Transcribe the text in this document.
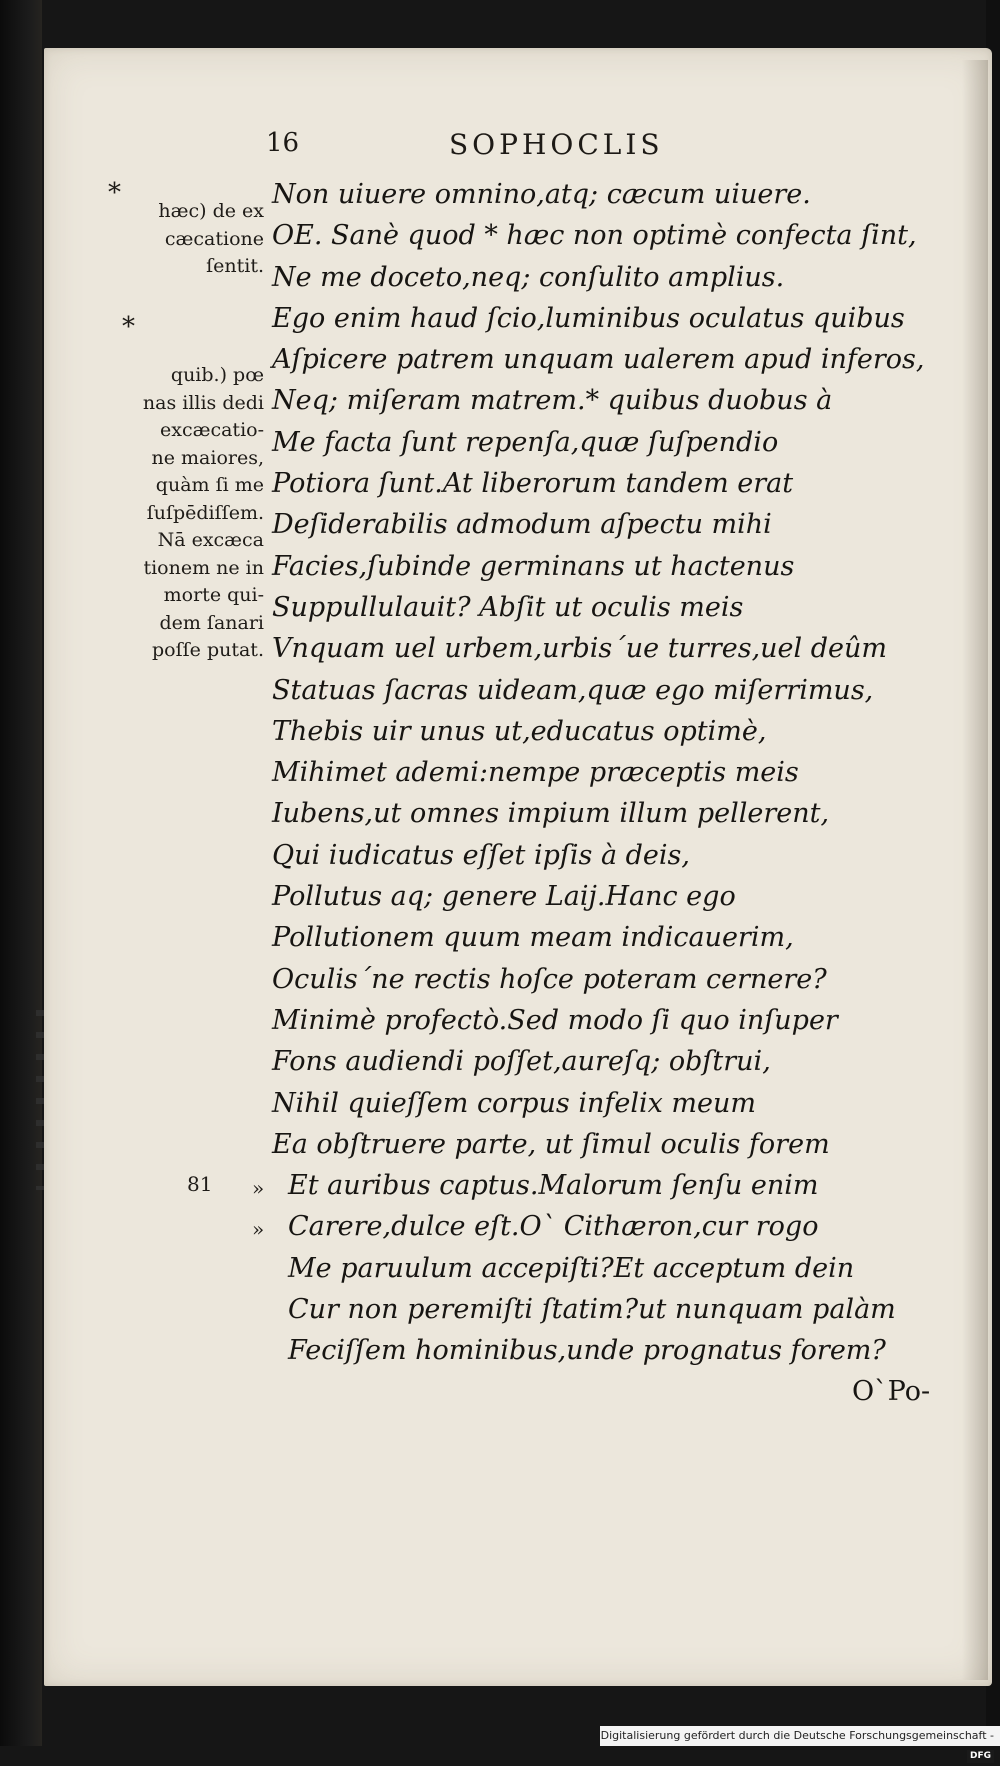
16	SOPHOCLIS
*
hæc) de ex
cæcatione
ſentit.
*
quib.) pœ
nas illis dedi
excæcatio-
ne maiores,
quàm ſi me
ſuſpēdiſſem.
Nā excæca
tionem ne in
morte qui-
dem ſanari
poſſe putat.
Non uiuere omnino,atq; cæcum uiuere.
OE. Sanè quod * hæc non optimè confecta ſint,
Ne me doceto,neq; conſulito amplius.
Ego enim haud ſcio,luminibus oculatus quibus
Aſpicere patrem unquam ualerem apud inferos,
Neq; miſeram matrem.* quibus duobus à
Me facta ſunt repenſa,quæ ſuſpendio
Potiora ſunt.At liberorum tandem erat
Deſiderabilis admodum aſpectu mihi
Facies,ſubinde germinans ut hactenus
Suppullulauit? Abſit ut oculis meis
Vnquam uel urbem,urbis´ue turres,uel deûm
Statuas ſacras uideam,quæ ego miſerrimus,
Thebis uir unus ut,educatus optimè,
Mihimet ademi:nempe præceptis meis
Iubens,ut omnes impium illum pellerent,
Qui iudicatus eſſet ipſis à deis,
Pollutus aq; genere Laij.Hanc ego
Pollutionem quum meam indicauerim,
Oculis´ne rectis hoſce poteram cernere?
Minimè profectò.Sed modo ſi quo inſuper
Fons audiendi poſſet,aureſq; obſtrui,
Nihil quieſſem corpus infelix meum
Ea obſtruere parte, ut ſimul oculis forem
Et auribus captus.Malorum ſenſu enim
Carere,dulce eſt.O` Cithæron,cur rogo
Me paruulum accepiſti?Et acceptum dein
Cur non peremiſti ſtatim?ut nunquam palàm
Feciſſem hominibus,unde prognatus forem?
81 »
»
O`Po-
Digitalisierung gefördert durch die Deutsche Forschungsgemeinschaft -DFG
